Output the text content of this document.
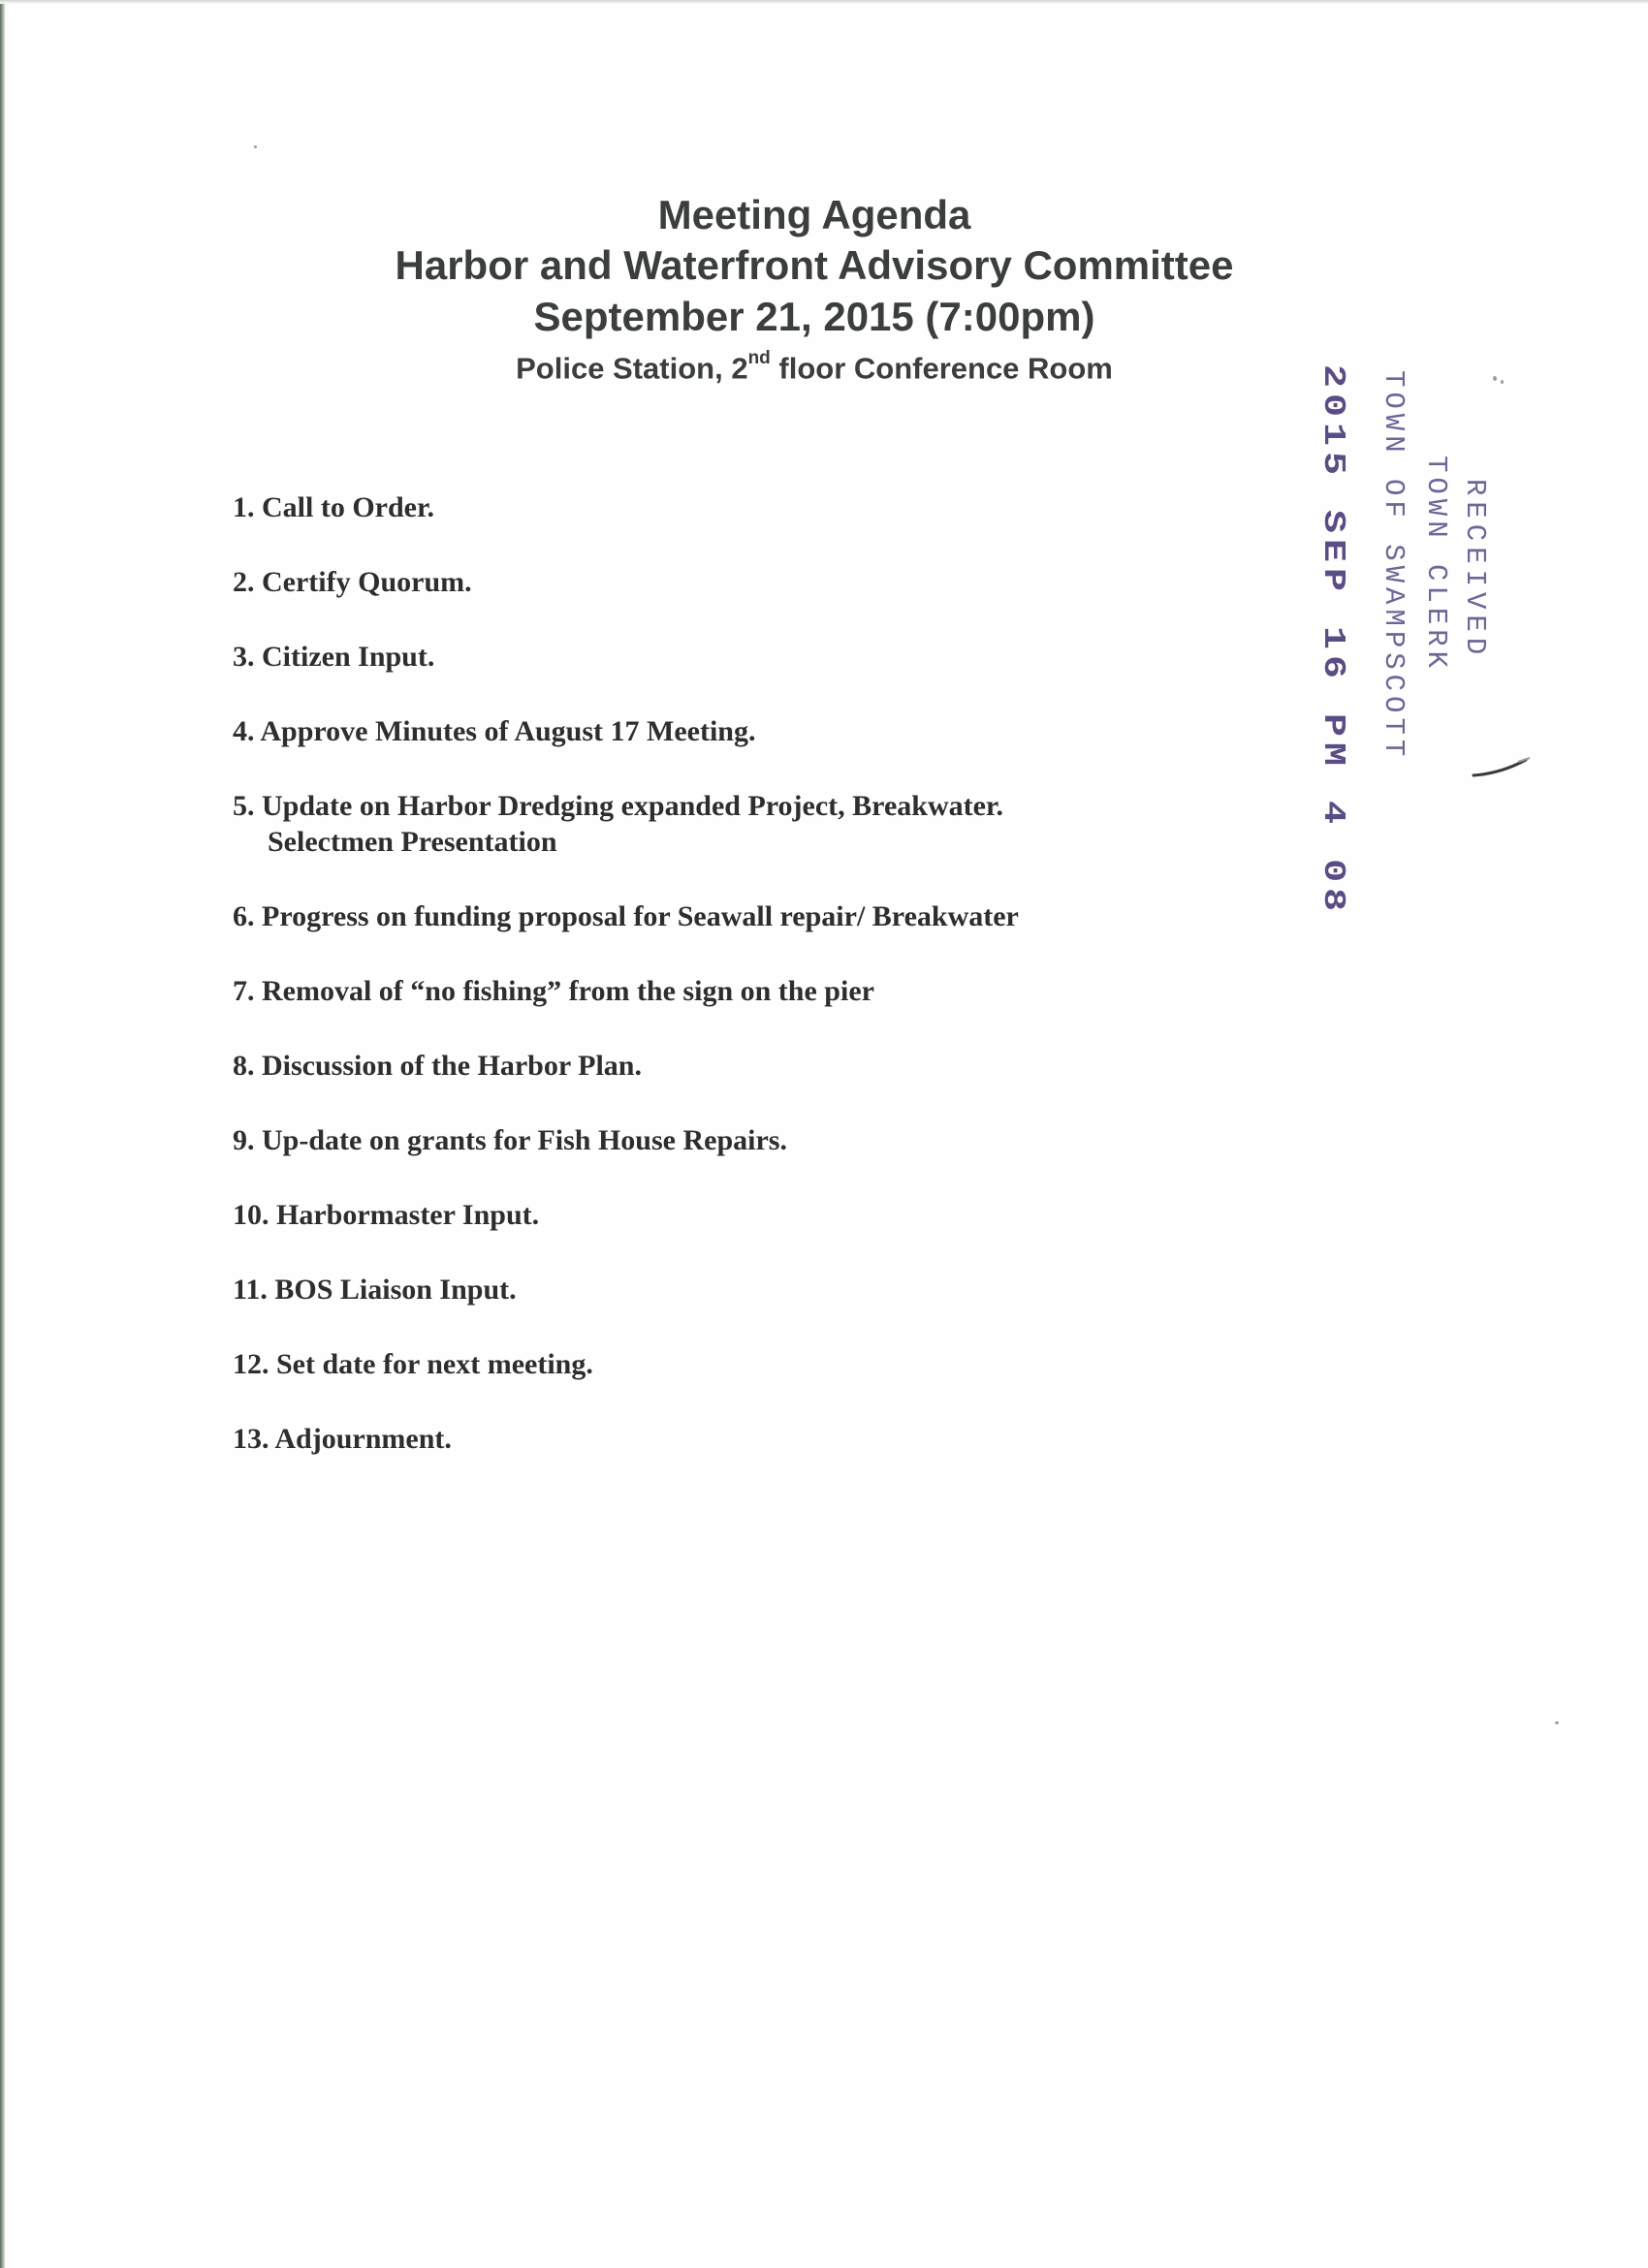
Meeting Agenda
Harbor and Waterfront Advisory Committee
September 21, 2015 (7:00pm)
Police Station, 2nd floor Conference Room
1. Call to Order.
2. Certify Quorum.
3. Citizen Input.
4. Approve Minutes of August 17 Meeting.
5. Update on Harbor Dredging expanded Project, Breakwater.
Selectmen Presentation
6. Progress on funding proposal for Seawall repair/ Breakwater
7. Removal of “no fishing” from the sign on the pier
8. Discussion of the Harbor Plan.
9. Up-date on grants for Fish House Repairs.
10. Harbormaster Input.
11. BOS Liaison Input.
12. Set date for next meeting.
13. Adjournment.
RECEIVED
TOWN CLERK
TOWN OF SWAMPSCOTT
2015 SEP 16 PM 4 08
